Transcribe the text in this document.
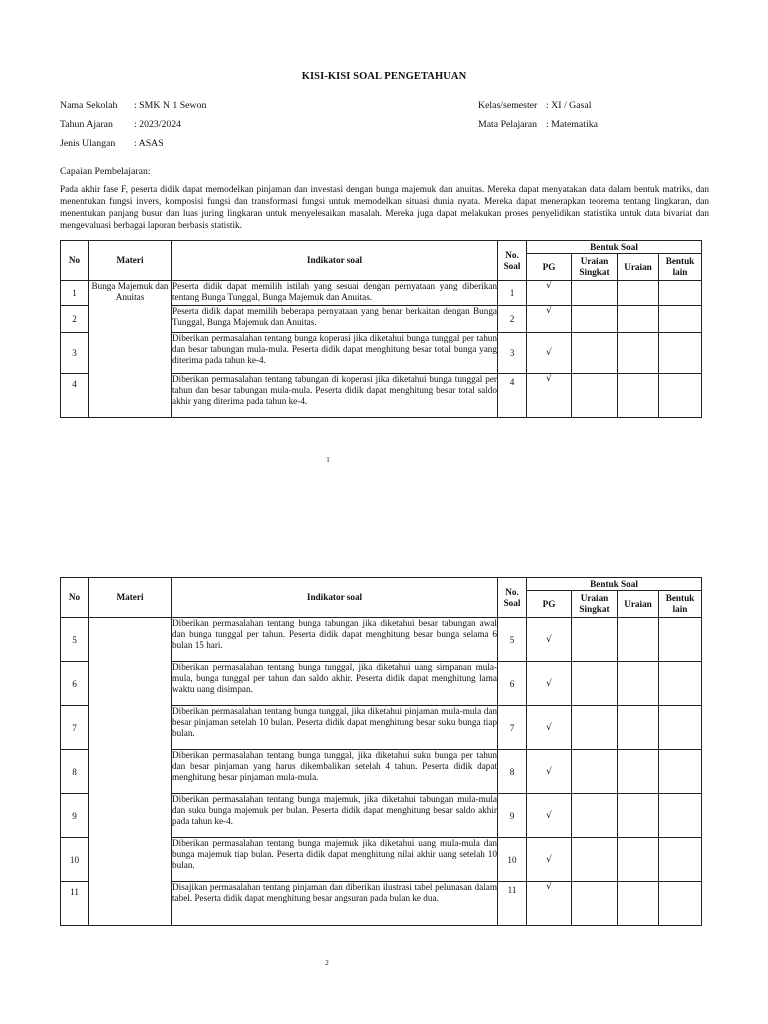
KISI-KISI SOAL PENGETAHUAN
Nama Sekolah	: SMK N 1 Sewon
Tahun Ajaran	: 2023/2024
Jenis Ulangan	: ASAS
Kelas/semester : XI / Gasal
Mata Pelajaran : Matematika
Capaian Pembelajaran:
Pada akhir fase F, peserta didik dapat memodelkan pinjaman dan investasi dengan bunga majemuk dan anuitas. Mereka dapat menyatakan data dalam bentuk matriks, dan menentukan fungsi invers, komposisi fungsi dan transformasi fungsi untuk memodelkan situasi dunia nyata. Mereka dapat menerapkan teorema tentang lingkaran, dan menentukan panjang busur dan luas juring lingkaran untuk menyelesaikan masalah. Mereka juga dapat melakukan proses penyelidikan statistika untuk data bivariat dan mengevaluasi berbagai laporan berbasis statistik.
No	Materi	Indikator soal	No. Soal	Bentuk Soal			
				PG	Uraian Singkat	Uraian	Bentuk lain
1	Bunga Majemuk dan Anuitas	Peserta didik dapat memilih istilah yang sesuai dengan pernyataan yang diberikan tentang Bunga Tunggal, Bunga Majemuk dan Anuitas.	1	√			
2		Peserta didik dapat memilih beberapa pernyataan yang benar berkaitan dengan Bunga Tunggal, Bunga Majemuk dan Anuitas.	2	√			
3		Diberikan permasalahan tentang bunga koperasi jika diketahui bunga tunggal per tahun dan besar tabungan mula-mula. Peserta didik dapat menghitung besar total bunga yang diterima pada tahun ke-4.	3	√			
4		Diberikan permasalahan tentang tabungan di koperasi jika diketahui bunga tunggal per tahun dan besar tabungan mula-mula. Peserta didik dapat menghitung besar total saldo akhir yang diterima pada tahun ke-4.	4	√			
1
No	Materi	Indikator soal	No. Soal	Bentuk Soal			
				PG	Uraian Singkat	Uraian	Bentuk lain
5		Diberikan permasalahan tentang bunga tabungan jika diketahui besar tabungan awal dan bunga tunggal per tahun. Peserta didik dapat menghitung besar bunga selama 6 bulan 15 hari.	5	√			
6		Diberikan permasalahan tentang bunga tunggal, jika diketahui uang simpanan mula-mula, bunga tunggal per tahun dan saldo akhir. Peserta didik dapat menghitung lama waktu uang disimpan.	6	√			
7		Diberikan permasalahan tentang bunga tunggal, jika diketahui pinjaman mula-mula dan besar pinjaman setelah 10 bulan. Peserta didik dapat menghitung besar suku bunga tiap bulan.	7	√			
8		Diberikan permasalahan tentang bunga tunggal, jika diketahui suku bunga per tahun dan besar pinjaman yang harus dikembalikan setelah 4 tahun. Peserta didik dapat menghitung besar pinjaman mula-mula.	8	√			
9		Diberikan permasalahan tentang bunga majemuk, jika diketahui tabungan mula-mula dan suku bunga majemuk per bulan. Peserta didik dapat menghitung besar saldo akhir pada tahun ke-4.	9	√			
10		Diberikan permasalahan tentang bunga majemuk jika diketahui uang mula-mula dan bunga majemuk tiap bulan. Peserta didik dapat menghitung nilai akhir uang setelah 10 bulan.	10	√			
11		Disajikan permasalahan tentang pinjaman dan diberikan ilustrasi tabel pelunasan dalam tabel. Peserta didik dapat menghitung besar angsuran pada bulan ke dua.	11	√			
2
